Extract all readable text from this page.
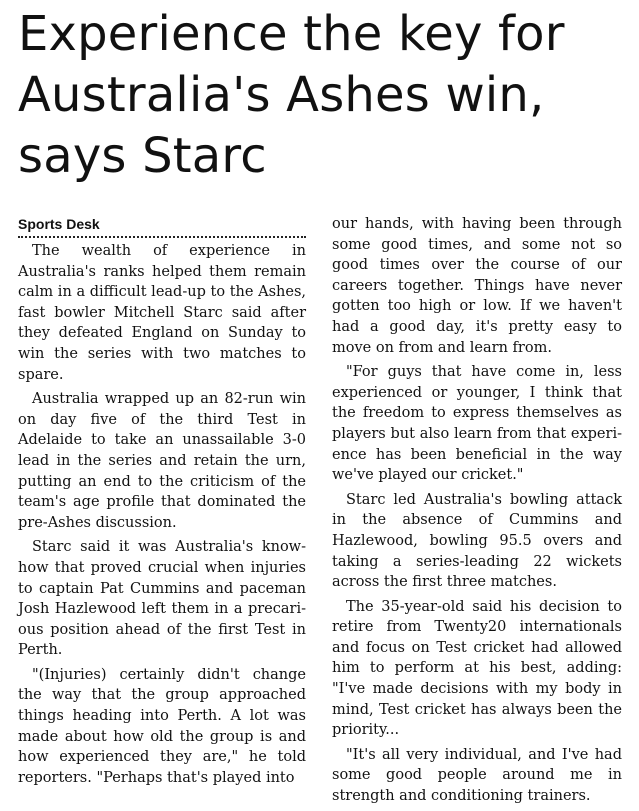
Experience the key for
Australia's Ashes win,
says Starc
Sports Desk

The wealth of experience in Australia's ranks helped them remain calm in a difficult lead-up to the Ashes, fast bowler Mitchell Starc said after they defeated England on Sunday to win the series with two matches to spare.

Australia wrapped up an 82-run win on day five of the third Test in Adelaide to take an unassailable 3-0 lead in the series and retain the urn, putting an end to the criticism of the team's age profile that dominated the pre-Ashes discussion.

Starc said it was Australia's know-how that proved crucial when injuries to captain Pat Cummins and paceman Josh Hazlewood left them in a precarious position ahead of the first Test in Perth.

"(Injuries) certainly didn't change the way that the group approached things heading into Perth. A lot was made about how old the group is and how experienced they are," he told reporters. "Perhaps that's played into

our hands, with having been through some good times, and some not so good times over the course of our careers together. Things have never gotten too high or low. If we haven't had a good day, it's pretty easy to move on from and learn from.

"For guys that have come in, less experienced or younger, I think that the freedom to express themselves as players but also learn from that experience has been beneficial in the way we've played our cricket."

Starc led Australia's bowling attack in the absence of Cummins and Hazlewood, bowling 95.5 overs and taking a series-leading 22 wickets across the first three matches.

The 35-year-old said his decision to retire from Twenty20 internationals and focus on Test cricket had allowed him to perform at his best, adding: "I've made decisions with my body in mind, Test cricket has always been the priority...

"It's all very individual, and I've had some good people around me in strength and conditioning trainers.
